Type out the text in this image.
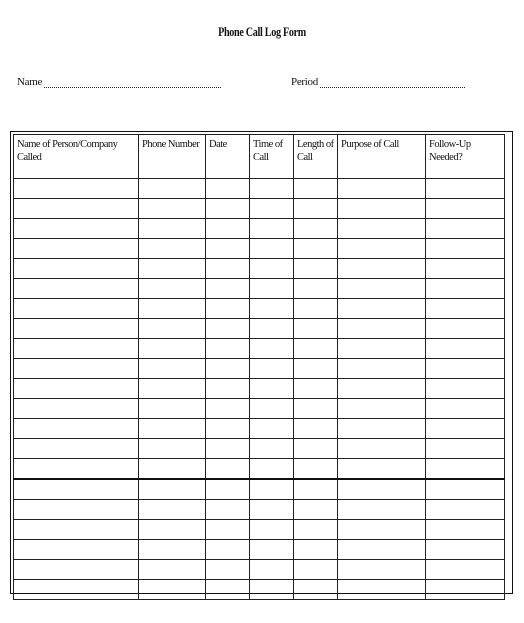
Phone Call Log Form
Name	Period
Name of Person/Company Called	Phone Number	Date	Time of Call	Length of Call	Purpose of Call	Follow-Up Needed?
